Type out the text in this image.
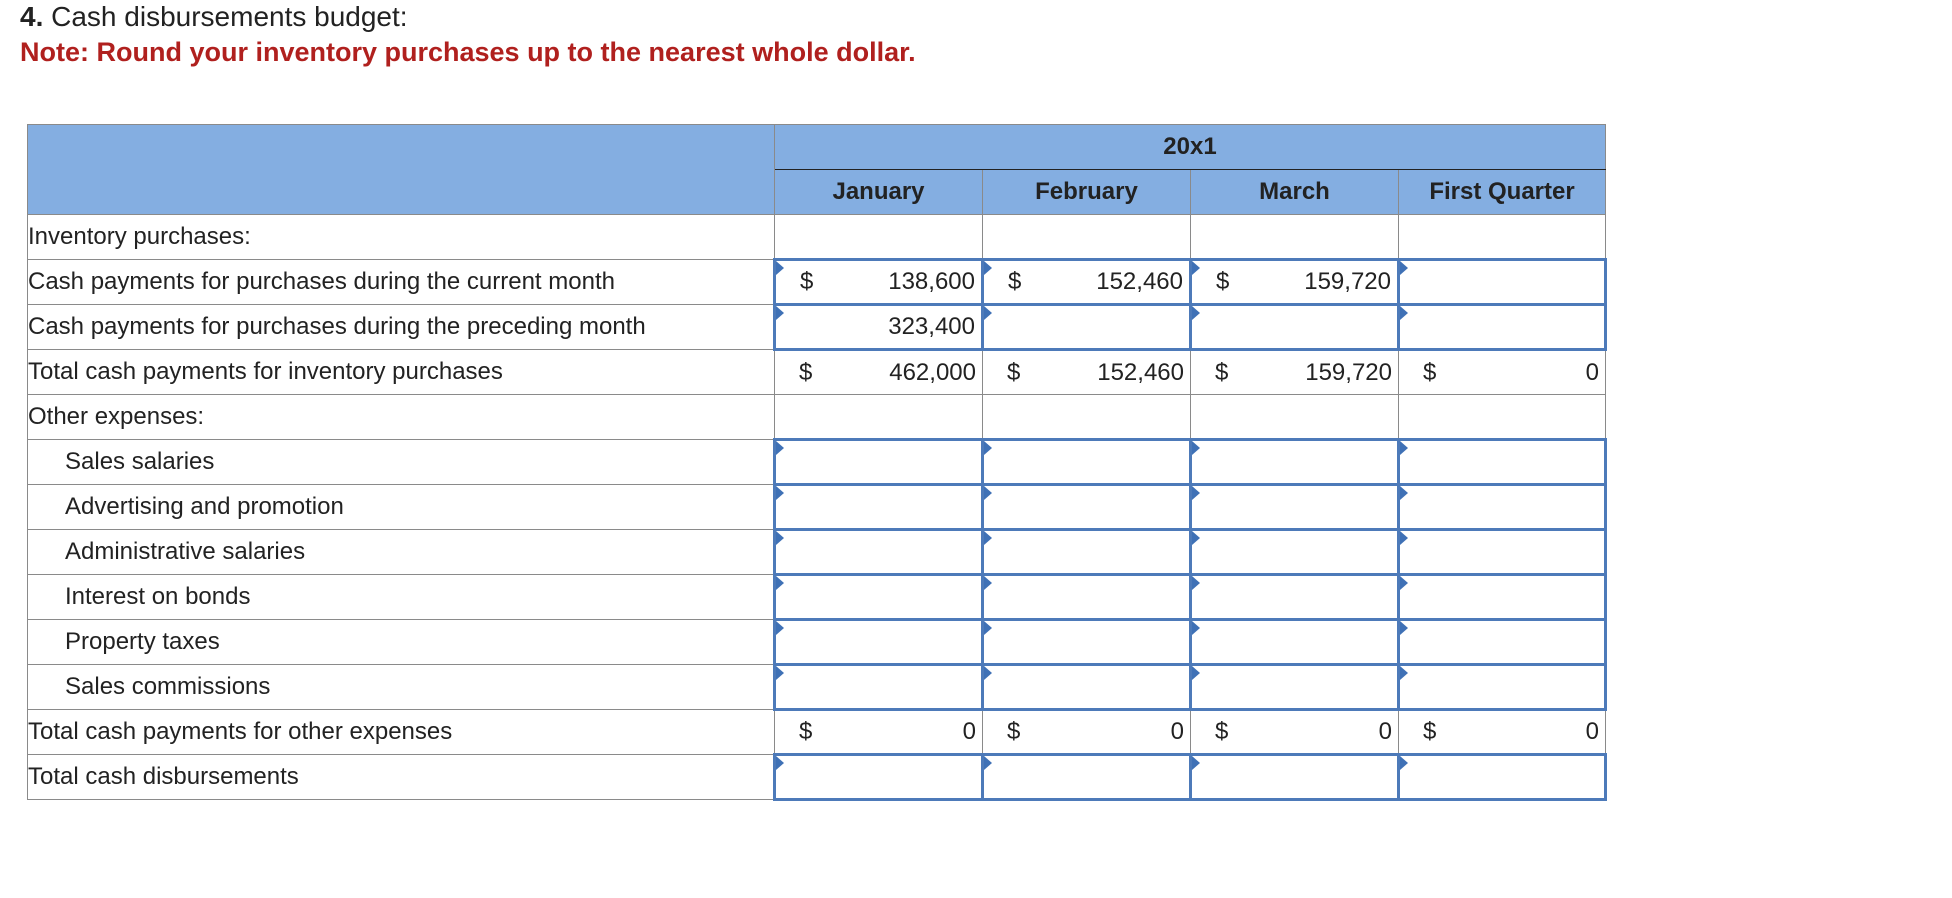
4. Cash disbursements budget:
Note: Round your inventory purchases up to the nearest whole dollar.
	20x1			
	January	February	March	First Quarter
Inventory purchases:				
Cash payments for purchases during the current month	$ 138,600	$ 152,460	$ 159,720	

Cash payments for purchases during the preceding month	323,400			

Total cash payments for inventory purchases	$ 462,000	$ 152,460	$ 159,720	$ 0

Other expenses:				
Sales salaries	

Advertising and promotion	

Administrative salaries	

Interest on bonds	

Property taxes	

Sales commissions	

Total cash payments for other expenses	$ 0	$ 0	$ 0	$ 0

Total cash disbursements	
